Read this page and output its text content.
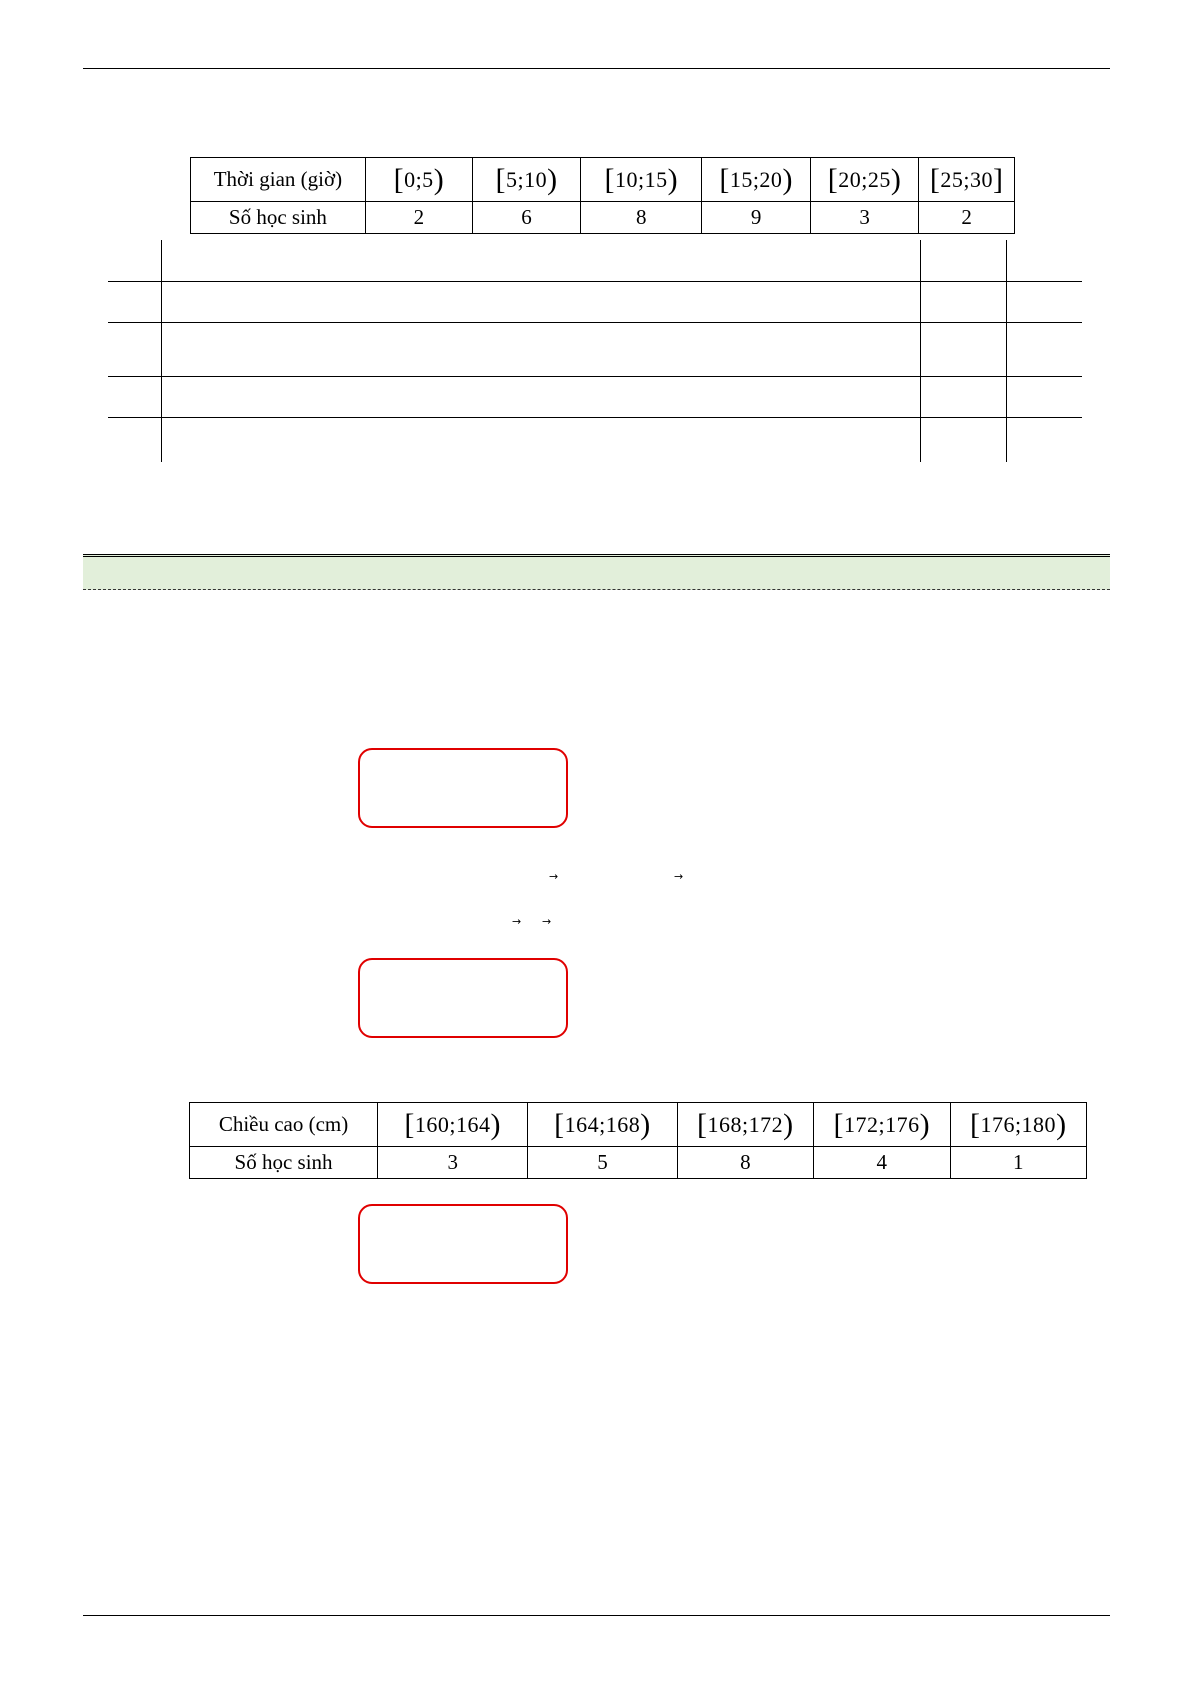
Thời gian (giờ)	[0;5)	[5;10)	[10;15)	[15;20)	[20;25)	[25;30]
Số học sinh	2	6	8	9	3	2
→	→
→ →
Chiều cao (cm)	[160;164)	[164;168)	[168;172)	[172;176)	[176;180)
Số học sinh	3	5	8	4	1
